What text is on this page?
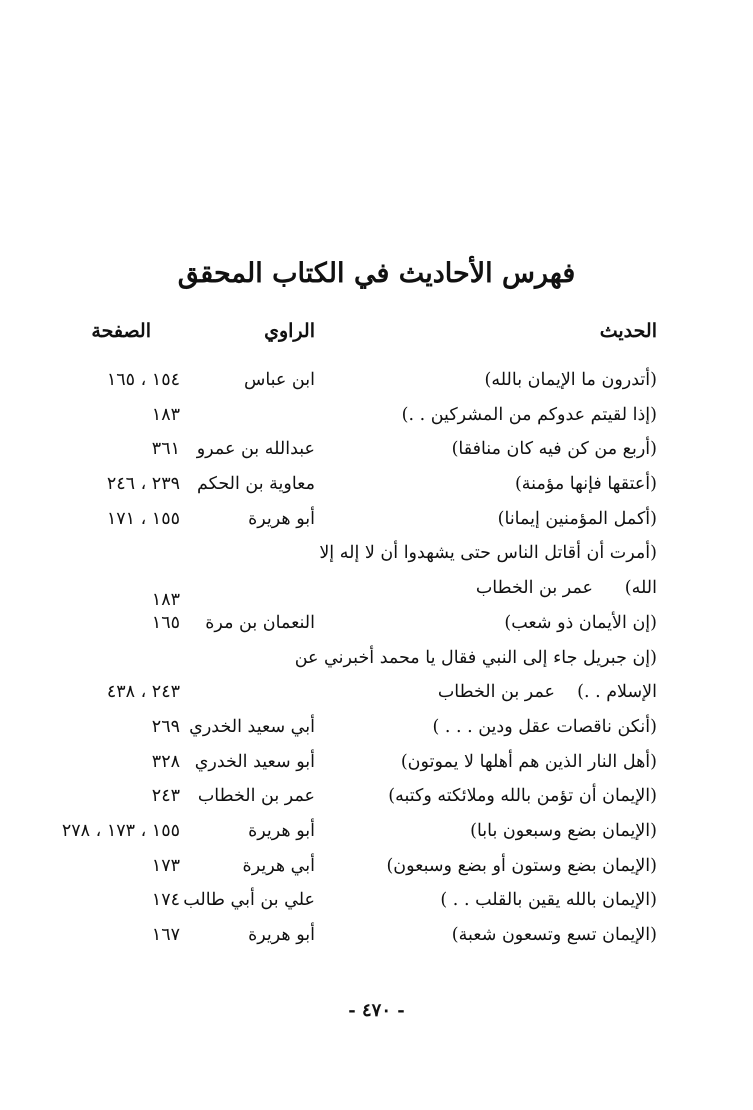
فهرس الأحاديث في الكتاب المحقق
الحديث
الراوي
الصفحة
(أتدرون ما الإيمان بالله)
ابن عباس
١٥٤ ، ١٦٥
(إذا لقيتم عدوكم من المشركين . .)
١٨٣
(أربع من كن فيه كان منافقا)
عبدالله بن عمرو
٣٦١
(أعتقها فإنها مؤمنة)
معاوية بن الحكم
٢٣٩ ، ٢٤٦
(أكمل المؤمنين إيمانا)
أبو هريرة
١٥٥ ، ١٧١
(أمرت أن أقاتل الناس حتى يشهدوا أن لا إله إلا
الله)
عمر بن الخطاب
١٨٣
(إن الأيمان ذو شعب)
النعمان بن مرة
١٦٥
(إن جبريل جاء إلى النبي فقال يا محمد أخبرني عن
الإسلام . .)
عمر بن الخطاب
٢٤٣ ، ٤٣٨
(أنكن ناقصات عقل ودين . . . )
أبي سعيد الخدري
٢٦٩
(أهل النار الذين هم أهلها لا يموتون)
أبو سعيد الخدري
٣٢٨
(الإيمان أن تؤمن بالله وملائكته وكتبه)
عمر بن الخطاب
٢٤٣
(الإيمان بضع وسبعون بابا)
أبو هريرة
١٥٥ ، ١٧٣ ، ٢٧٨
(الإيمان بضع وستون أو بضع وسبعون)
أبي هريرة
١٧٣
(الإيمان بالله يقين بالقلب . . )
علي بن أبي طالب
١٧٤
(الإيمان تسع وتسعون شعبة)
أبو هريرة
١٦٧
- ٤٧٠ -
